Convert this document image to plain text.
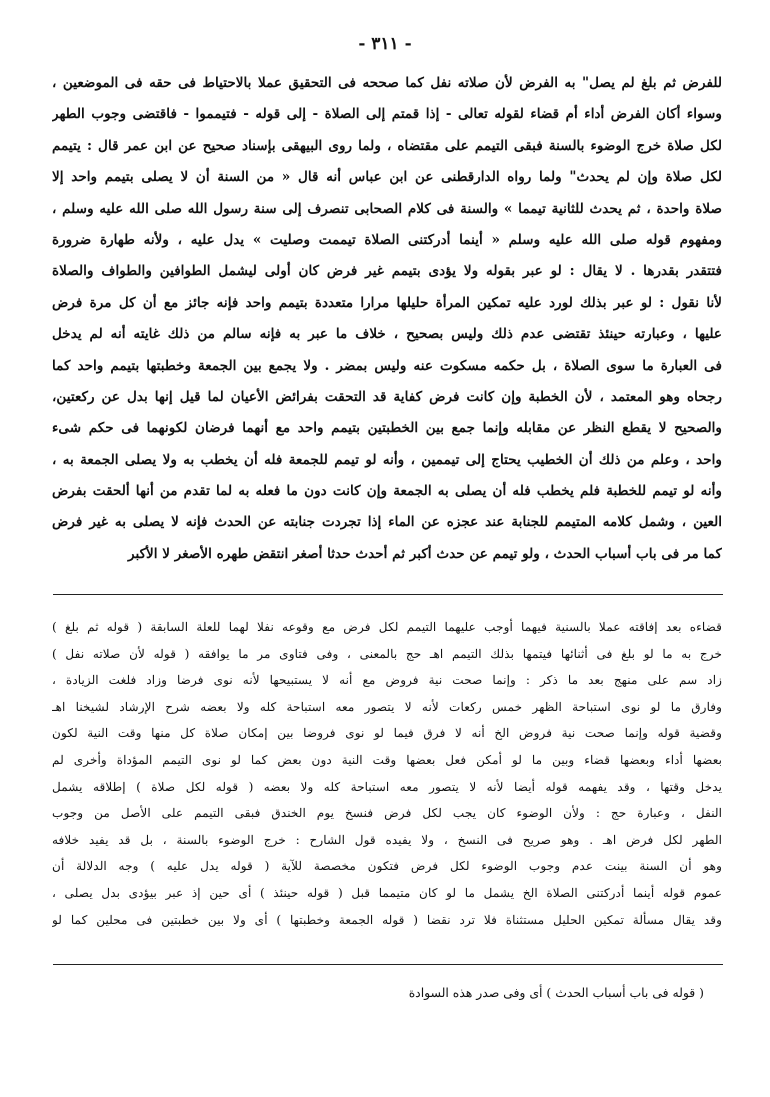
- ٣١١ -
للفرض ثم بلغ لم يصل" به الفرض لأن صلاته نفل كما صححه فى التحقيق عملا بالاحتياط فى حقه فى الموضعين ،
وسواء أكان الفرض أداء أم قضاء لقوله تعالى - إذا قمتم إلى الصلاة - إلى قوله - فتيمموا - فاقتضى وجوب الطهر
لكل صلاة خرج الوضوء بالسنة فبقى التيمم على مقتضاه ، ولما روى البيهقى بإسناد صحيح عن ابن عمر قال : يتيمم
لكل صلاة وإن لم يحدث" ولما رواه الدارقطنى عن ابن عباس أنه قال « من السنة أن لا يصلى بتيمم واحد إلا
صلاة واحدة ، ثم يحدث للثانية تيمما » والسنة فى كلام الصحابى تنصرف إلى سنة رسول الله صلى الله عليه وسلم ،
ومفهوم قوله صلى الله عليه وسلم « أينما أدركتنى الصلاة تيممت وصليت » يدل عليه ، ولأنه طهارة ضرورة
فتتقدر بقدرها . لا يقال : لو عبر بقوله ولا يؤدى بتيمم غير فرض كان أولى ليشمل الطوافين والطواف والصلاة
لأنا نقول : لو عبر بذلك لورد عليه تمكين المرأة حليلها مرارا متعددة بتيمم واحد فإنه جائز مع أن كل مرة فرض
عليها ، وعبارته حينئذ تقتضى عدم ذلك وليس بصحيح ، خلاف ما عبر به فإنه سالم من ذلك غايته أنه لم يدخل
فى العبارة ما سوى الصلاة ، بل حكمه مسكوت عنه وليس بمضر . ولا يجمع بين الجمعة وخطبتها بتيمم واحد كما
رجحاه وهو المعتمد ، لأن الخطبة وإن كانت فرض كفاية قد التحقت بفرائض الأعيان لما قيل إنها بدل عن ركعتين،
والصحيح لا يقطع النظر عن مقابله وإنما جمع بين الخطبتين بتيمم واحد مع أنهما فرضان لكونهما فى حكم شىء
واحد ، وعلم من ذلك أن الخطيب يحتاج إلى تيممين ، وأنه لو تيمم للجمعة فله أن يخطب به ولا يصلى الجمعة به ،
وأنه لو تيمم للخطبة فلم يخطب فله أن يصلى به الجمعة وإن كانت دون ما فعله به لما تقدم من أنها ألحقت بفرض
العين ، وشمل كلامه المتيمم للجنابة عند عجزه عن الماء إذا تجردت جنابته عن الحدث فإنه لا يصلى به غير فرض
كما مر فى باب أسباب الحدث ، ولو تيمم عن حدث أكبر ثم أحدث حدثا أصغر انتقض طهره الأصغر لا الأكبر
قضاءه بعد إفاقته عملا بالسنية فيهما أوجب عليهما التيمم لكل فرض مع وقوعه نفلا لهما للعلة السابقة ( قوله ثم بلغ )
خرج به ما لو بلغ فى أثنائها فيتمها بذلك التيمم اهـ حج بالمعنى ، وفى فتاوى مر ما يوافقه ( قوله لأن صلاته نفل )
زاد سم على منهج بعد ما ذكر : وإنما صحت نية فروض مع أنه لا يستبيحها لأنه نوى فرضا وزاد فلغت الزيادة ،
وفارق ما لو نوى استباحة الظهر خمس ركعات لأنه لا يتصور معه استباحة كله ولا بعضه شرح الإرشاد لشيخنا اهـ
وقضية قوله وإنما صحت نية فروض الخ أنه لا فرق فيما لو نوى فروضا بين إمكان صلاة كل منها وقت النية لكون
بعضها أداء وبعضها قضاء وبين ما لو أمكن فعل بعضها وقت النية دون بعض كما لو نوى التيمم المؤداة وأخرى لم
يدخل وقتها ، وقد يفهمه قوله أيضا لأنه لا يتصور معه استباحة كله ولا بعضه ( قوله لكل صلاة ) إطلاقه يشمل
النفل ، وعبارة حج : ولأن الوضوء كان يجب لكل فرض فنسخ يوم الخندق فبقى التيمم على الأصل من وجوب
الطهر لكل فرض اهـ . وهو صريح فى النسخ ، ولا يفيده قول الشارح : خرج الوضوء بالسنة ، بل قد يفيد خلافه
وهو أن السنة بينت عدم وجوب الوضوء لكل فرض فتكون مخصصة للآية ( قوله يدل عليه ) وجه الدلالة أن
عموم قوله أينما أدركتنى الصلاة الخ يشمل ما لو كان متيمما قبل ( قوله حينئذ ) أى حين إذ عبر بيؤدى بدل يصلى ،
وقد يقال مسألة تمكين الحليل مستثناة فلا ترد نقضا ( قوله الجمعة وخطبتها ) أى ولا بين خطبتين فى محلين كما لو
( قوله فى باب أسباب الحدث ) أى وفى صدر هذه السوادة
